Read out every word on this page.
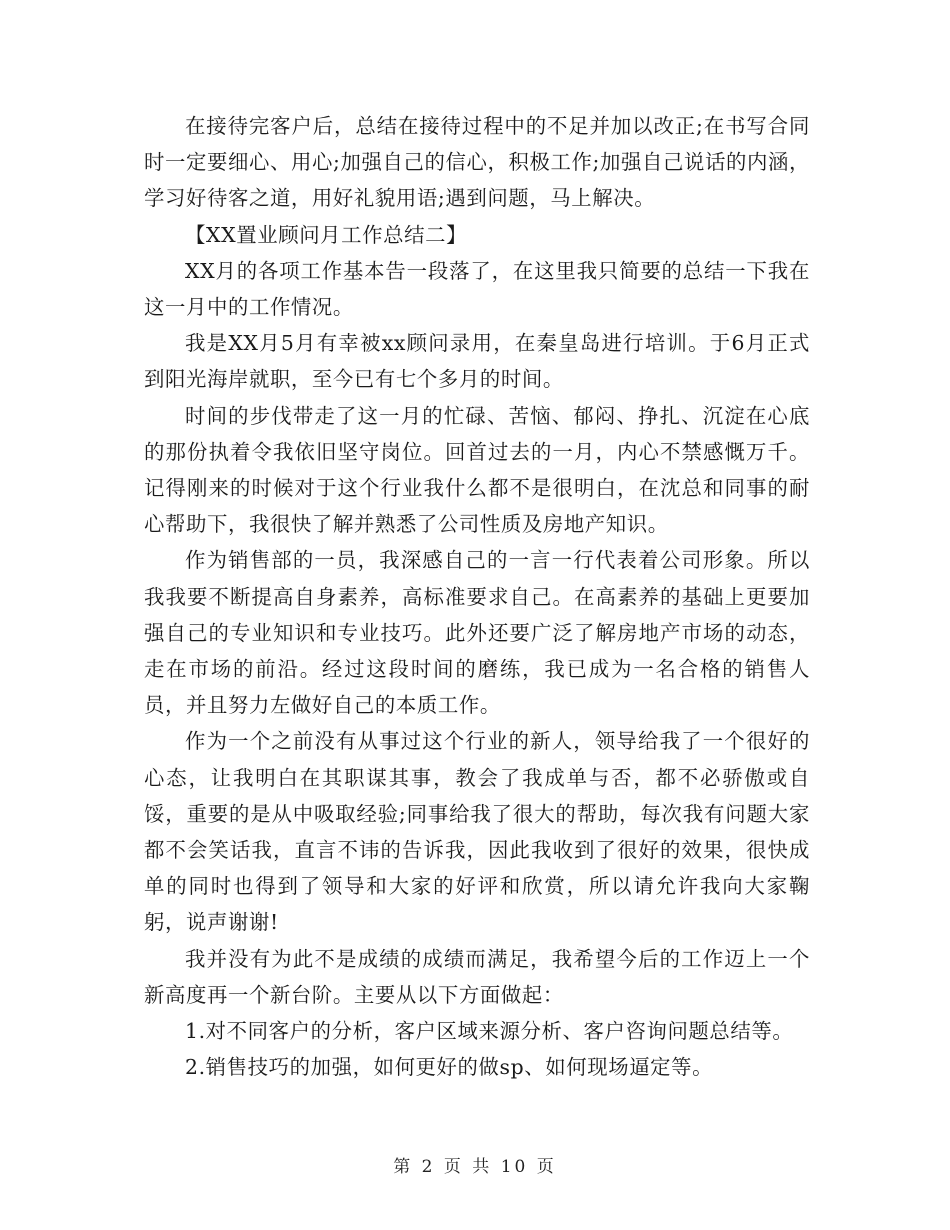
在接待完客户后，总结在接待过程中的不足并加以改正;在书写合同时一定要细心、用心;加强自己的信心，积极工作;加强自己说话的内涵，学习好待客之道，用好礼貌用语;遇到问题，马上解决。

【XX置业顾问月工作总结二】

XX月的各项工作基本告一段落了，在这里我只简要的总结一下我在这一月中的工作情况。

我是XX月5月有幸被xx顾问录用，在秦皇岛进行培训。于6月正式到阳光海岸就职，至今已有七个多月的时间。

时间的步伐带走了这一月的忙碌、苦恼、郁闷、挣扎、沉淀在心底的那份执着令我依旧坚守岗位。回首过去的一月，内心不禁感慨万千。记得刚来的时候对于这个行业我什么都不是很明白，在沈总和同事的耐心帮助下，我很快了解并熟悉了公司性质及房地产知识。

作为销售部的一员，我深感自己的一言一行代表着公司形象。所以我我要不断提高自身素养，高标准要求自己。在高素养的基础上更要加强自己的专业知识和专业技巧。此外还要广泛了解房地产市场的动态，走在市场的前沿。经过这段时间的磨练，我已成为一名合格的销售人员，并且努力左做好自己的本质工作。

作为一个之前没有从事过这个行业的新人，领导给我了一个很好的心态，让我明白在其职谋其事，教会了我成单与否，都不必骄傲或自馁，重要的是从中吸取经验;同事给我了很大的帮助，每次我有问题大家都不会笑话我，直言不讳的告诉我，因此我收到了很好的效果，很快成单的同时也得到了领导和大家的好评和欣赏，所以请允许我向大家鞠躬，说声谢谢!

我并没有为此不是成绩的成绩而满足，我希望今后的工作迈上一个新高度再一个新台阶。主要从以下方面做起：

1.对不同客户的分析，客户区域来源分析、客户咨询问题总结等。

2.销售技巧的加强，如何更好的做sp、如何现场逼定等。

第 2 页 共 10 页
